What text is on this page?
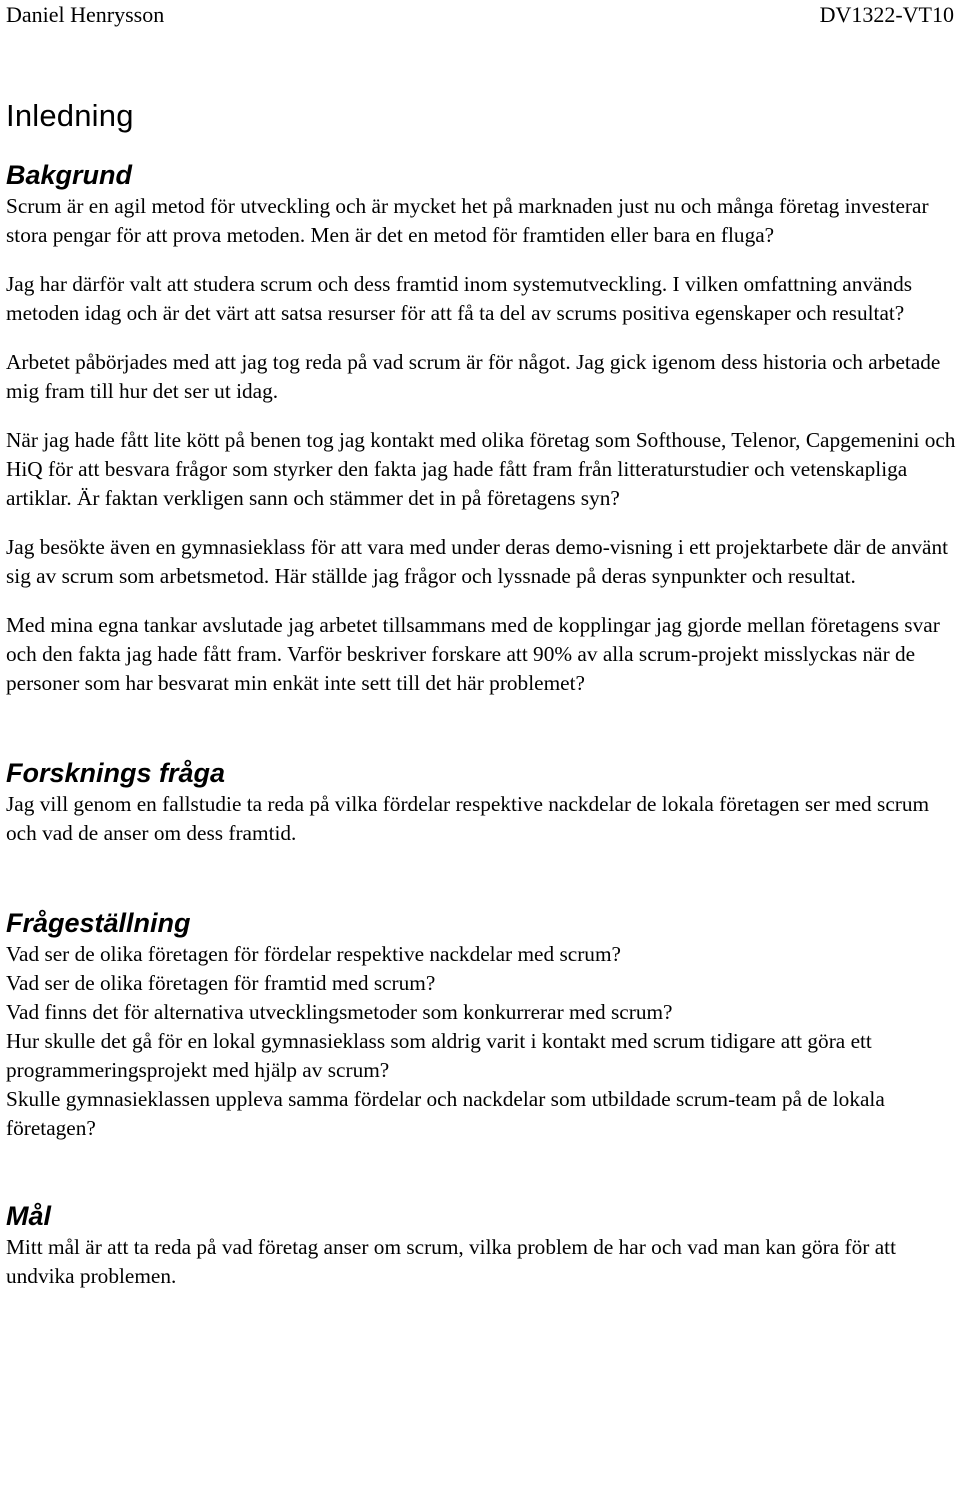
Daniel Henrysson	DV1322-VT10
Inledning
Bakgrund

Scrum är en agil metod för utveckling och är mycket het på marknaden just nu och många företag investerar stora pengar för att prova metoden. Men är det en metod för framtiden eller bara en fluga?

Jag har därför valt att studera scrum och dess framtid inom systemutveckling. I vilken omfattning används metoden idag och är det värt att satsa resurser för att få ta del av scrums positiva egenskaper och resultat?

Arbetet påbörjades med att jag tog reda på vad scrum är för något. Jag gick igenom dess historia och arbetade mig fram till hur det ser ut idag.

När jag hade fått lite kött på benen tog jag kontakt med olika företag som Softhouse, Telenor, Capgemenini och HiQ för att besvara frågor som styrker den fakta jag hade fått fram från litteraturstudier och vetenskapliga artiklar. Är faktan verkligen sann och stämmer det in på företagens syn?

Jag besökte även en gymnasieklass för att vara med under deras demo-visning i ett projektarbete där de använt sig av scrum som arbetsmetod. Här ställde jag frågor och lyssnade på deras synpunkter och resultat.

Med mina egna tankar avslutade jag arbetet tillsammans med de kopplingar jag gjorde mellan företagens svar och den fakta jag hade fått fram. Varför beskriver forskare att 90% av alla scrum-projekt misslyckas när de personer som har besvarat min enkät inte sett till det här problemet?

Forsknings fråga

Jag vill genom en fallstudie ta reda på vilka fördelar respektive nackdelar de lokala företagen ser med scrum och vad de anser om dess framtid.

Frågeställning
Vad ser de olika företagen för fördelar respektive nackdelar med scrum?
Vad ser de olika företagen för framtid med scrum?
Vad finns det för alternativa utvecklingsmetoder som konkurrerar med scrum?
Hur skulle det gå för en lokal gymnasieklass som aldrig varit i kontakt med scrum tidigare att göra ett programmeringsprojekt med hjälp av scrum?
Skulle gymnasieklassen uppleva samma fördelar och nackdelar som utbildade scrum-team på de lokala företagen?
Mål

Mitt mål är att ta reda på vad företag anser om scrum, vilka problem de har och vad man kan göra för att undvika problemen.
